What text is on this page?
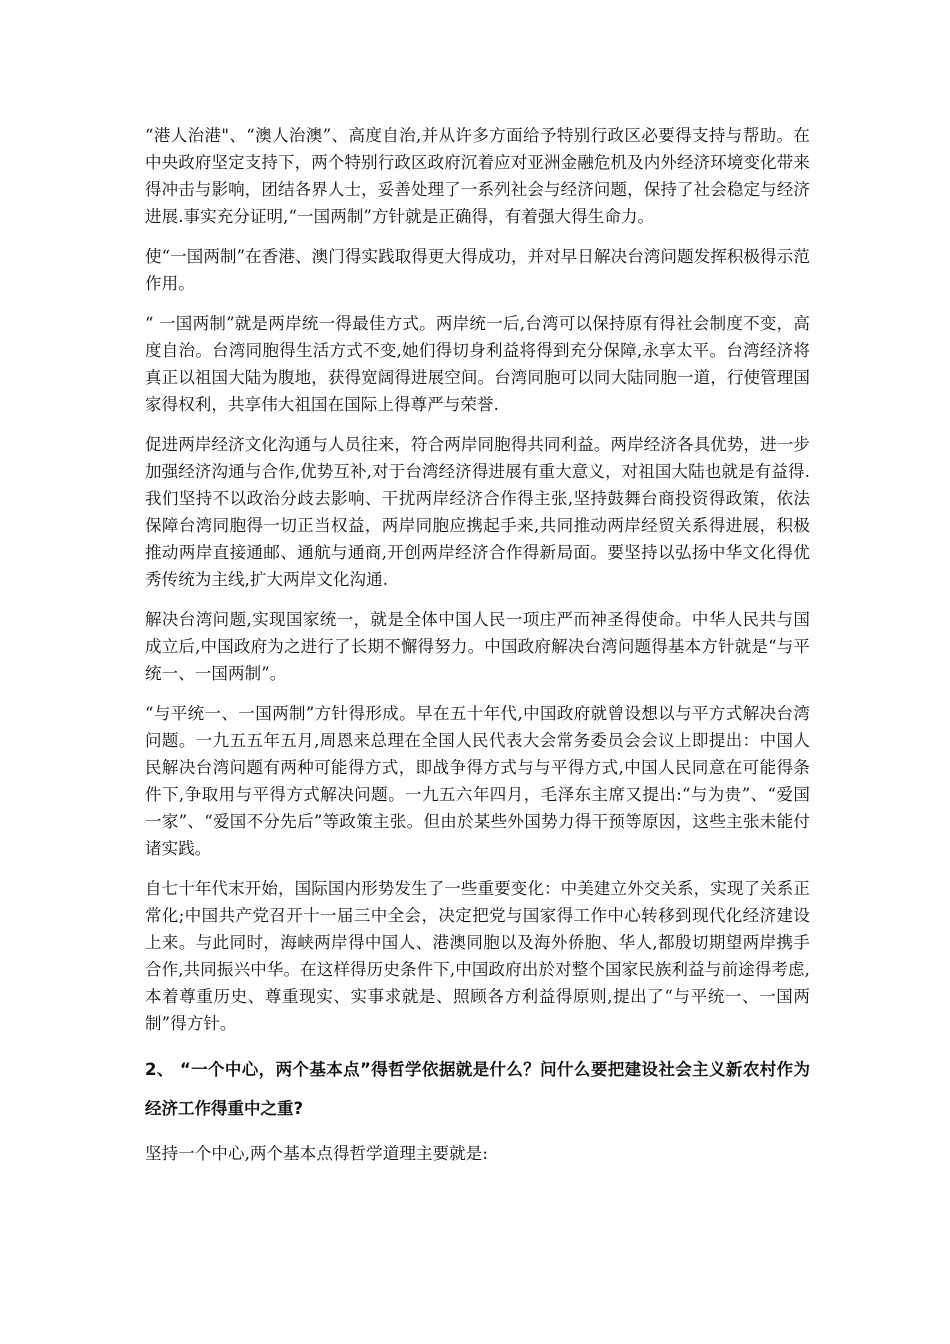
“港人治港"、“澳人治澳”、高度自治,并从许多方面给予特别行政区必要得支持与帮助。在中央政府坚定支持下，两个特别行政区政府沉着应对亚洲金融危机及内外经济环境变化带来得冲击与影响，团结各界人士，妥善处理了一系列社会与经济问题，保持了社会稳定与经济进展.事实充分证明,“一国两制”方针就是正确得，有着强大得生命力。

使“一国两制”在香港、澳门得实践取得更大得成功，并对早日解决台湾问题发挥积极得示范作用。

“ 一国两制”就是两岸统一得最佳方式。两岸统一后,台湾可以保持原有得社会制度不变，高度自治。台湾同胞得生活方式不变,她们得切身利益将得到充分保障,永享太平。台湾经济将真正以祖国大陆为腹地，获得宽阔得进展空间。台湾同胞可以同大陆同胞一道，行使管理国家得权利，共享伟大祖国在国际上得尊严与荣誉.

促进两岸经济文化沟通与人员往来，符合两岸同胞得共同利益。两岸经济各具优势，进一步加强经济沟通与合作,优势互补,对于台湾经济得进展有重大意义，对祖国大陆也就是有益得.我们坚持不以政治分歧去影响、干扰两岸经济合作得主张,坚持鼓舞台商投资得政策，依法保障台湾同胞得一切正当权益，两岸同胞应携起手来,共同推动两岸经贸关系得进展，积极推动两岸直接通邮、通航与通商,开创两岸经济合作得新局面。要坚持以弘扬中华文化得优秀传统为主线,扩大两岸文化沟通.

解决台湾问题,实现国家统一，就是全体中国人民一项庄严而神圣得使命。中华人民共与国成立后,中国政府为之进行了长期不懈得努力。中国政府解决台湾问题得基本方针就是“与平统一、一国两制”。

“与平统一、一国两制”方针得形成。早在五十年代,中国政府就曾设想以与平方式解决台湾问题。一九五五年五月,周恩来总理在全国人民代表大会常务委员会会议上即提出：中国人民解决台湾问题有两种可能得方式，即战争得方式与与平得方式,中国人民同意在可能得条件下,争取用与平得方式解决问题。一九五六年四月，毛泽东主席又提出:“与为贵”、“爱国一家”、“爱国不分先后”等政策主张。但由於某些外国势力得干预等原因，这些主张未能付诸实践。

自七十年代末开始，国际国内形势发生了一些重要变化：中美建立外交关系，实现了关系正常化;中国共产党召开十一届三中全会，决定把党与国家得工作中心转移到现代化经济建设上来。与此同时，海峡两岸得中国人、港澳同胞以及海外侨胞、华人,都殷切期望两岸携手合作,共同振兴中华。在这样得历史条件下,中国政府出於对整个国家民族利益与前途得考虑,本着尊重历史、尊重现实、实事求就是、照顾各方利益得原则,提出了“与平统一、一国两制”得方针。

2、 “一个中心，两个基本点”得哲学依据就是什么？问什么要把建设社会主义新农村作为经济工作得重中之重?

坚持一个中心,两个基本点得哲学道理主要就是:
